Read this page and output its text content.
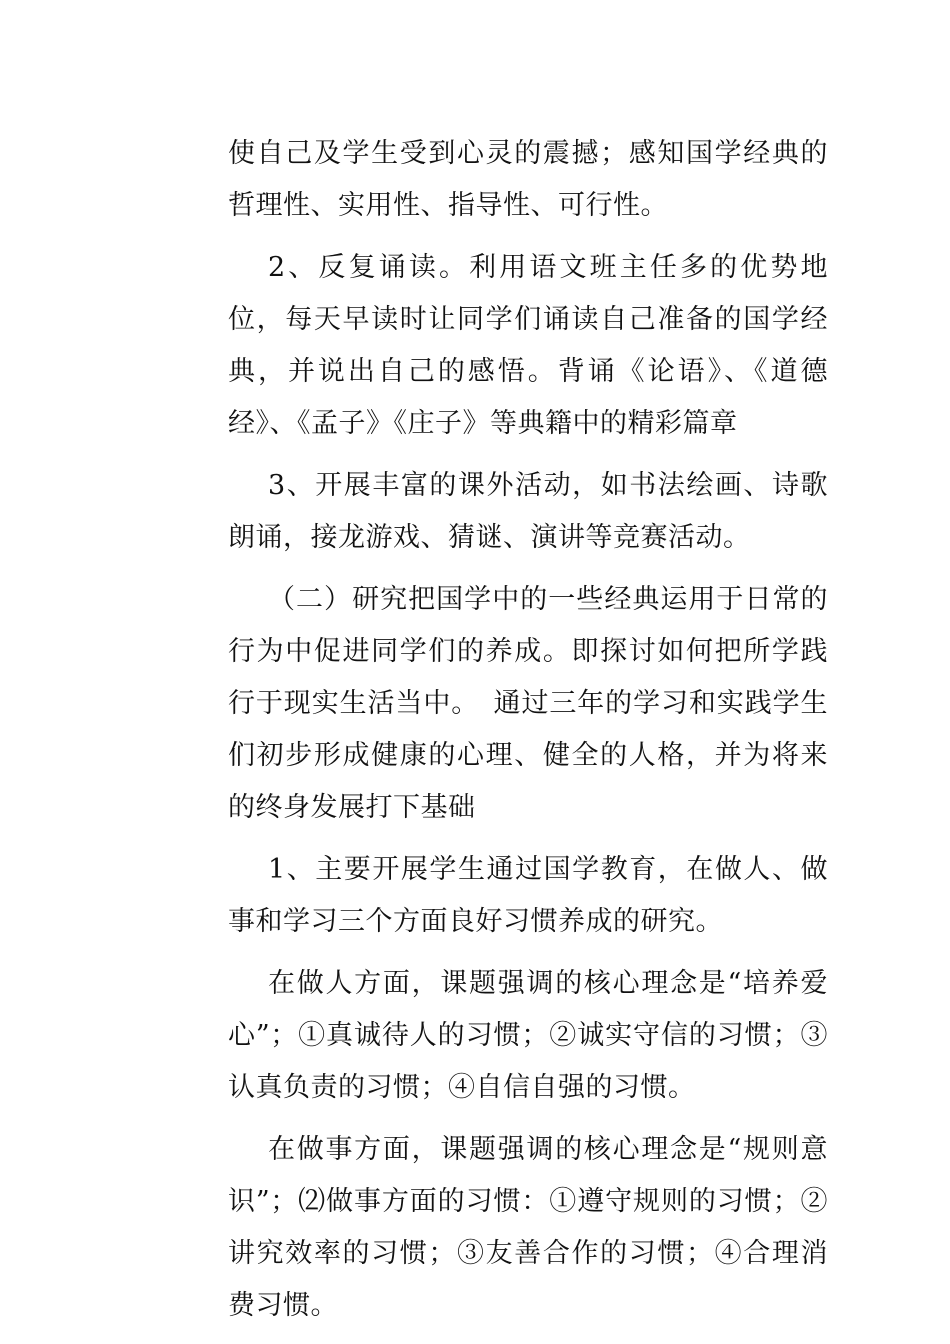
使自己及学生受到心灵的震撼；感知国学经典的哲理性、实用性、指导性、可行性。

2、反复诵读。利用语文班主任多的优势地位，每天早读时让同学们诵读自己准备的国学经典，并说出自己的感悟。背诵《论语》、《道德经》、《孟子》《庄子》等典籍中的精彩篇章

3、开展丰富的课外活动，如书法绘画、诗歌朗诵，接龙游戏、猜谜、演讲等竞赛活动。

（二）研究把国学中的一些经典运用于日常的行为中促进同学们的养成。即探讨如何把所学践行于现实生活当中。　通过三年的学习和实践学生们初步形成健康的心理、健全的人格，并为将来的终身发展打下基础

1、主要开展学生通过国学教育，在做人、做事和学习三个方面良好习惯养成的研究。

在做人方面，课题强调的核心理念是“培养爱心”；①真诚待人的习惯；②诚实守信的习惯；③认真负责的习惯；④自信自强的习惯。

在做事方面，课题强调的核心理念是“规则意识”；⑵做事方面的习惯：①遵守规则的习惯；②讲究效率的习惯；③友善合作的习惯；④合理消费习惯。
